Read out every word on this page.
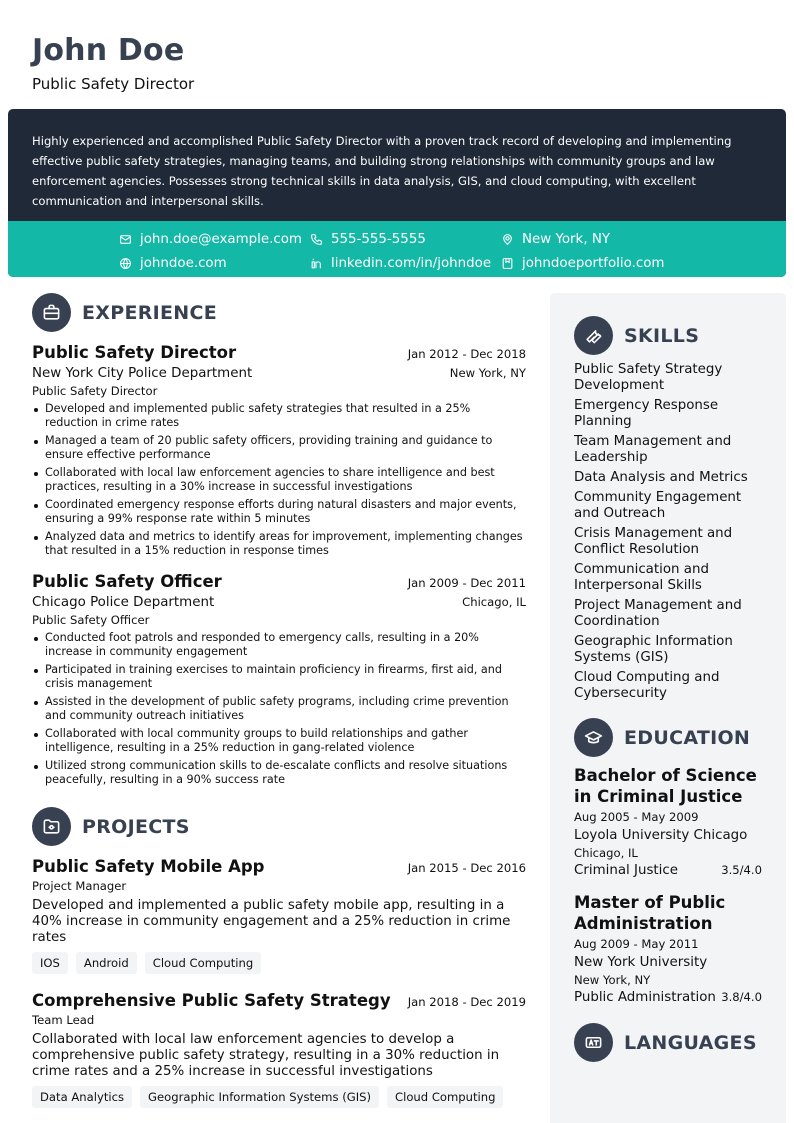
John Doe
Public Safety Director
Highly experienced and accomplished Public Safety Director with a proven track record of developing and implementing effective public safety strategies, managing teams, and building strong relationships with community groups and law enforcement agencies. Possesses strong technical skills in data analysis, GIS, and cloud computing, with excellent communication and interpersonal skills.
john.doe@example.com 555-555-5555	New York, NY
johndoe.com	linkedin.com/in/johndoe johndoeportfolio.com
EXPERIENCE
Public Safety Director	Jan 2012 - Dec 2018
New York City Police Department	New York, NY
Public Safety Director
Developed and implemented public safety strategies that resulted in a 25% reduction in crime rates
Managed a team of 20 public safety officers, providing training and guidance to ensure effective performance
Collaborated with local law enforcement agencies to share intelligence and best practices, resulting in a 30% increase in successful investigations
Coordinated emergency response efforts during natural disasters and major events, ensuring a 99% response rate within 5 minutes
Analyzed data and metrics to identify areas for improvement, implementing changes that resulted in a 15% reduction in response times
Public Safety Officer	Jan 2009 - Dec 2011
Chicago Police Department	Chicago, IL
Public Safety Officer
Conducted foot patrols and responded to emergency calls, resulting in a 20% increase in community engagement
Participated in training exercises to maintain proficiency in firearms, first aid, and crisis management
Assisted in the development of public safety programs, including crime prevention and community outreach initiatives
Collaborated with local community groups to build relationships and gather intelligence, resulting in a 25% reduction in gang-related violence
Utilized strong communication skills to de-escalate conflicts and resolve situations peacefully, resulting in a 90% success rate
PROJECTS
Public Safety Mobile App	Jan 2015 - Dec 2016
Project Manager
Developed and implemented a public safety mobile app, resulting in a 40% increase in community engagement and a 25% reduction in crime rates
IOS	Android	Cloud Computing
Comprehensive Public Safety Strategy Jan 2018 - Dec 2019
Team Lead
Collaborated with local law enforcement agencies to develop a comprehensive public safety strategy, resulting in a 30% reduction in crime rates and a 25% increase in successful investigations
Data Analytics	Geographic Information Systems (GIS)	Cloud Computing
SKILLS
Public Safety Strategy Development
Emergency Response Planning
Team Management and Leadership
Data Analysis and Metrics
Community Engagement and Outreach
Crisis Management and Conflict Resolution
Communication and Interpersonal Skills
Project Management and Coordination
Geographic Information Systems (GIS)
Cloud Computing and Cybersecurity
EDUCATION
Bachelor of Science in Criminal Justice
Aug 2005 - May 2009
Loyola University Chicago
Chicago, IL
Criminal Justice	3.5/4.0
Master of Public Administration
Aug 2009 - May 2011
New York University
New York, NY
Public Administration 3.8/4.0
LANGUAGES
